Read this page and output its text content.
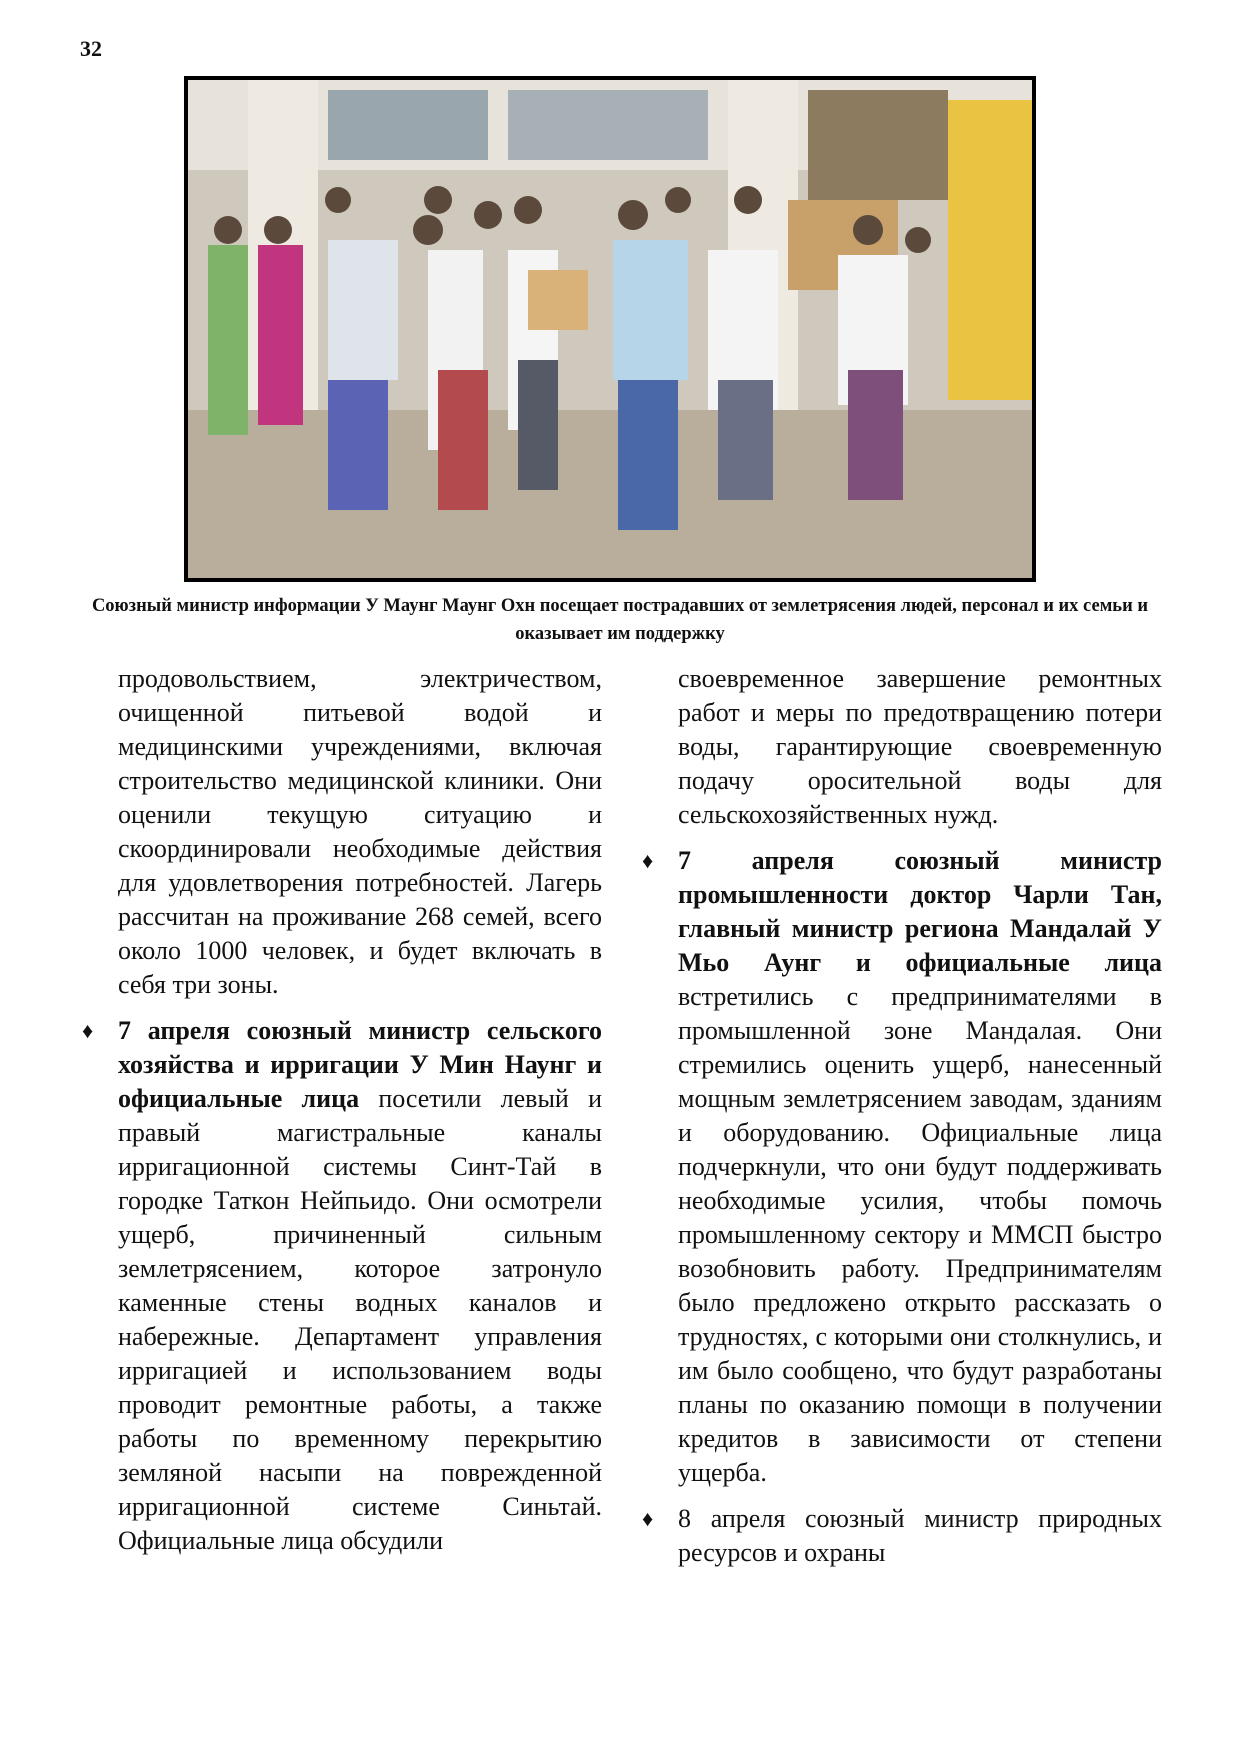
32
Союзный министр информации У Маунг Маунг Охн посещает пострадавших от землетрясения людей, персонал и их семьи и оказывает им поддержку

продовольствием, электричеством, очищенной питьевой водой и медицинскими учреждениями, включая строительство медицинской клиники. Они оценили текущую ситуацию и скоординировали необходимые действия для удовлетворения потребностей. Лагерь рассчитан на проживание 268 семей, всего около 1000 человек, и будет включать в себя три зоны.

♦ 7 апреля союзный министр сельского хозяйства и ирригации У Мин Наунг и официальные лица посетили левый и правый магистральные каналы ирригационной системы Синт-Тай в городке Таткон Нейпьидо. Они осмотрели ущерб, причиненный сильным землетрясением, которое затронуло каменные стены водных каналов и набережные. Департамент управления ирригацией и использованием воды проводит ремонтные работы, а также работы по временному перекрытию земляной насыпи на поврежденной ирригационной системе Синьтай. Официальные лица обсудили

своевременное завершение ремонтных работ и меры по предотвращению потери воды, гарантирующие своевременную подачу оросительной воды для сельскохозяйственных нужд.

♦ 7 апреля союзный министр промышленности доктор Чарли Тан, главный министр региона Мандалай У Мьо Аунг и официальные лица встретились с предпринимателями в промышленной зоне Мандалая. Они стремились оценить ущерб, нанесенный мощным землетрясением заводам, зданиям и оборудованию. Официальные лица подчеркнули, что они будут поддерживать необходимые усилия, чтобы помочь промышленному сектору и ММСП быстро возобновить работу. Предпринимателям было предложено открыто рассказать о трудностях, с которыми они столкнулись, и им было сообщено, что будут разработаны планы по оказанию помощи в получении кредитов в зависимости от степени ущерба.

♦ 8 апреля союзный министр природных ресурсов и охраны
